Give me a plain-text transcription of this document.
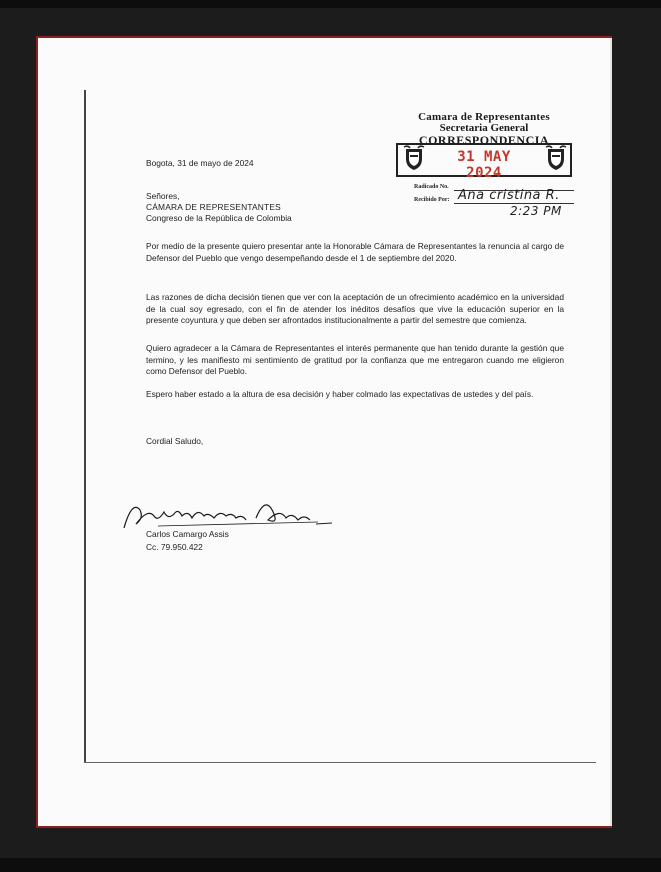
Camara de Representantes
Secretaria General
CORRESPONDENCIA
31 MAY 2024
Radicado No.
Recibido Por: Ana cristina R.
2:23 PM
Bogota, 31 de mayo de 2024
Señores,
CÁMARA DE REPRESENTANTES
Congreso de la República de Colombia
Por medio de la presente quiero presentar ante la Honorable Cámara de Representantes la renuncia al cargo de Defensor del Pueblo que vengo desempeñando desde el 1 de septiembre del 2020.
Las razones de dicha decisión tienen que ver con la aceptación de un ofrecimiento académico en la universidad de la cual soy egresado, con el fin de atender los inéditos desafíos que vive la educación superior en la presente coyuntura y que deben ser afrontados institucionalmente a partir del semestre que comienza.
Quiero agradecer a la Cámara de Representantes el interés permanente que han tenido durante la gestión que termino, y les manifiesto mi sentimiento de gratitud por la confianza que me entregaron cuando me eligieron como Defensor del Pueblo.
Espero haber estado a la altura de esa decisión y haber colmado las expectativas de ustedes y del país.
Cordial Saludo,
Carlos Camargo Assis
Cc. 79.950.422
